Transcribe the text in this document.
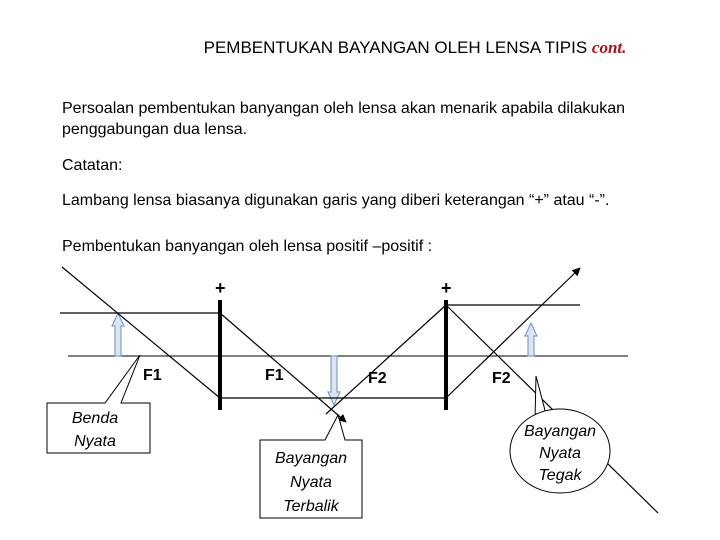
PEMBENTUKAN BAYANGAN OLEH LENSA TIPIS cont.

Persoalan pembentukan banyangan oleh lensa akan menarik apabila dilakukan penggabungan dua lensa.

Catatan:

Lambang lensa biasanya digunakan garis yang diberi keterangan “+” atau “-”.

Pembentukan banyangan oleh lensa positif –positif :

+	+
F1	F1	F2	F2
Benda
Nyata
Bayangan
Nyata
Terbalik
Bayangan
Nyata
Tegak
